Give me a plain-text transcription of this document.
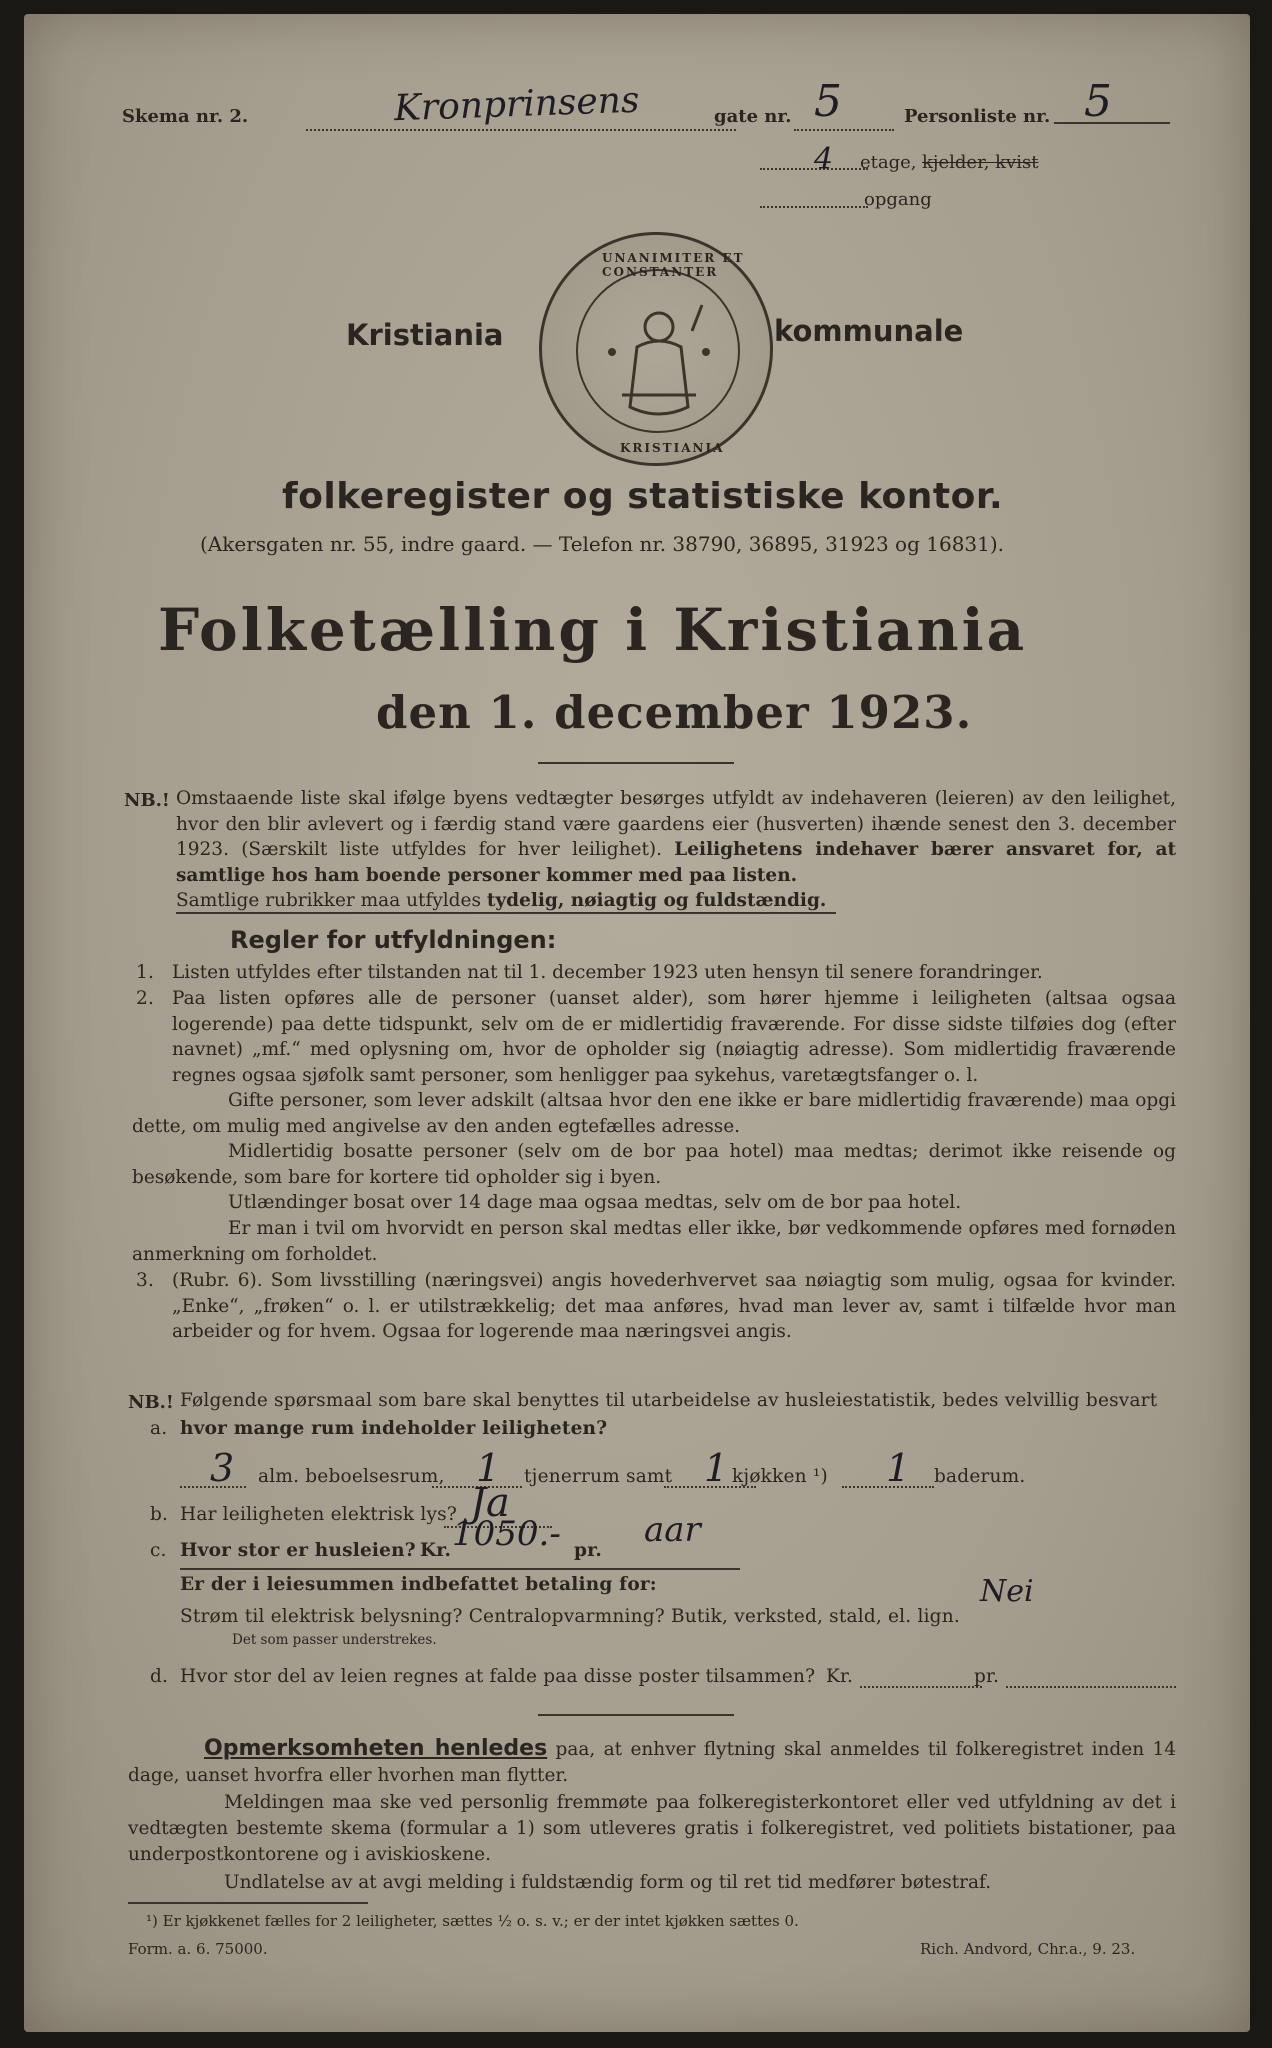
Skema nr. 2.	Kronprinsens	gate nr. 5	Personliste nr. 5
4 etage, kjelder, kvist
opgang
Kristiania
UNANIMITER ET CONSTANTER
KRISTIANIA
kommunale
folkeregister og statistiske kontor.
(Akersgaten nr. 55, indre gaard. — Telefon nr. 38790, 36895, 31923 og 16831).
Folketælling i Kristiania
den 1. december 1923.
NB.! Omstaaende liste skal ifølge byens vedtægter besørges utfyldt av indehaveren (leieren) av den leilighet, hvor den blir avlevert og i færdig stand være gaardens eier (husverten) ihænde senest den 3. december 1923. (Særskilt liste utfyldes for hver leilighet). Leilighetens indehaver bærer ansvaret for, at samtlige hos ham boende personer kommer med paa listen.

Samtlige rubrikker maa utfyldes tydelig, nøiagtig og fuldstændig.

Regler for utfyldningen:
1. Listen utfyldes efter tilstanden nat til 1. december 1923 uten hensyn til senere forandringer.

2. Paa listen opføres alle de personer (uanset alder), som hører hjemme i leiligheten (altsaa ogsaa logerende) paa dette tidspunkt, selv om de er midlertidig fraværende. For disse sidste tilføies dog (efter navnet) „mf.“ med oplysning om, hvor de opholder sig (nøiagtig adresse). Som midlertidig fraværende regnes ogsaa sjøfolk samt personer, som henligger paa sykehus, varetægtsfanger o. l.

Gifte personer, som lever adskilt (altsaa hvor den ene ikke er bare midlertidig fraværende) maa opgi dette, om mulig med angivelse av den anden egtefælles adresse.

Midlertidig bosatte personer (selv om de bor paa hotel) maa medtas; derimot ikke reisende og besøkende, som bare for kortere tid opholder sig i byen.

Utlændinger bosat over 14 dage maa ogsaa medtas, selv om de bor paa hotel.

Er man i tvil om hvorvidt en person skal medtas eller ikke, bør vedkommende opføres med fornøden anmerkning om forholdet.

3. (Rubr. 6). Som livsstilling (næringsvei) angis hovederhvervet saa nøiagtig som mulig, ogsaa for kvinder. „Enke“, „frøken“ o. l. er utilstrækkelig; det maa anføres, hvad man lever av, samt i tilfælde hvor man arbeider og for hvem. Ogsaa for logerende maa næringsvei angis.

NB.! Følgende spørsmaal som bare skal benyttes til utarbeidelse av husleiestatistik, bedes velvillig besvart
a. hvor mange rum indeholder leiligheten?
3 alm. beboelsesrum, 1 tjenerrum samt 1 kjøkken ¹) 1 baderum.
b. Har leiligheten elektrisk lys? Ja
c. Hvor stor er husleien? Kr. 1050.- pr.
aar
Er der i leiesummen indbefattet betaling for:
Strøm til elektrisk belysning? Centralopvarmning? Butik, verksted, stald, el. lign.
Nei
Det som passer understrekes.
d. Hvor stor del av leien regnes at falde paa disse poster tilsammen? Kr.	pr.

Opmerksomheten henledes paa, at enhver flytning skal anmeldes til folkeregistret inden 14 dage, uanset hvorfra eller hvorhen man flytter.

Meldingen maa ske ved personlig fremmøte paa folkeregisterkontoret eller ved utfyldning av det i vedtægten bestemte skema (formular a 1) som utleveres gratis i folkeregistret, ved politiets bistationer, paa underpostkontorene og i aviskioskene.

Undlatelse av at avgi melding i fuldstændig form og til ret tid medfører bøtestraf.

¹) Er kjøkkenet fælles for 2 leiligheter, sættes ½ o. s. v.; er der intet kjøkken sættes 0.
Form. a. 6. 75000.	Rich. Andvord, Chr.a., 9. 23.
